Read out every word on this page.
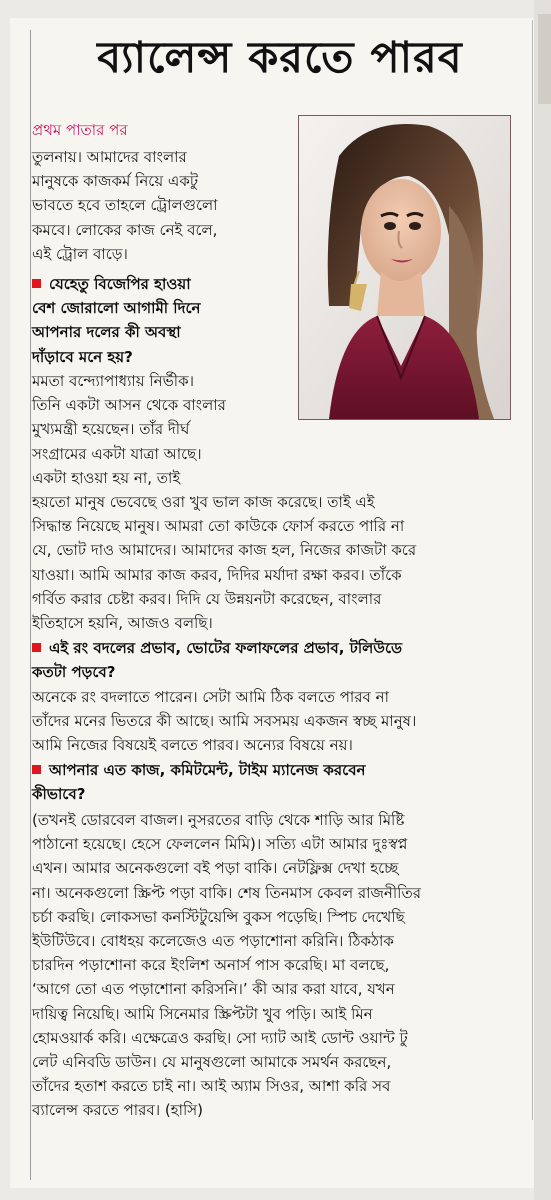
ব্যালেন্স করতে পারব
প্রথম পাতার পর
তুলনায়। আমাদের বাংলার
মানুষকে কাজকর্ম নিয়ে একটু
ভাবতে হবে তাহলে ট্রোলগুলো
কমবে। লোকের কাজ নেই বলে,
এই ট্রোল বাড়ে।
যেহেতু বিজেপির হাওয়া
বেশ জোরালো আগামী দিনে
আপনার দলের কী অবস্থা
দাঁড়াবে মনে হয়?
মমতা বন্দ্যোপাধ্যায় নির্ভীক।
তিনি একটা আসন থেকে বাংলার
মুখ্যমন্ত্রী হয়েছেন। তাঁর দীর্ঘ
সংগ্রামের একটা যাত্রা আছে।
একটা হাওয়া হয় না, তাই
হয়তো মানুষ ভেবেছে ওরা খুব ভাল কাজ করেছে। তাই এই
সিদ্ধান্ত নিয়েছে মানুষ। আমরা তো কাউকে ফোর্স করতে পারি না
যে, ভোট দাও আমাদের। আমাদের কাজ হল, নিজের কাজটা করে
যাওয়া। আমি আমার কাজ করব, দিদির মর্যাদা রক্ষা করব। তাঁকে
গর্বিত করার চেষ্টা করব। দিদি যে উন্নয়নটা করেছেন, বাংলার
ইতিহাসে হয়নি, আজও বলছি।
এই রং বদলের প্রভাব, ভোটের ফলাফলের প্রভাব, টলিউডে
কতটা পড়বে?
অনেকে রং বদলাতে পারেন। সেটা আমি ঠিক বলতে পারব না
তাঁদের মনের ভিতরে কী আছে। আমি সবসময় একজন স্বচ্ছ মানুষ।
আমি নিজের বিষয়েই বলতে পারব। অন্যের বিষয়ে নয়।
আপনার এত কাজ, কমিটমেন্ট, টাইম ম্যানেজ করবেন
কীভাবে?
(তখনই ডোরবেল বাজল। নুসরতের বাড়ি থেকে শাড়ি আর মিষ্টি
পাঠানো হয়েছে। হেসে ফেললেন মিমি)। সত্যি এটা আমার দুঃস্বপ্ন
এখন। আমার অনেকগুলো বই পড়া বাকি। নেটফ্লিক্স দেখা হচ্ছে
না। অনেকগুলো স্ক্রিপ্ট পড়া বাকি। শেষ তিনমাস কেবল রাজনীতির
চর্চা করছি। লোকসভা কনস্টিটুয়েন্সি বুকস পড়েছি। স্পিচ দেখেছি
ইউটিউবে। বোধহয় কলেজেও এত পড়াশোনা করিনি। ঠিকঠাক
চারদিন পড়াশোনা করে ইংলিশ অনার্স পাস করেছি। মা বলছে,
‘আগে তো এত পড়াশোনা করিসনি।’ কী আর করা যাবে, যখন
দায়িত্ব নিয়েছি। আমি সিনেমার স্ক্রিপ্টটা খুব পড়ি। আই মিন
হোমওয়ার্ক করি। এক্ষেত্রেও করছি। সো দ্যাট আই ডোন্ট ওয়ান্ট টু
লেট এনিবডি ডাউন। যে মানুষগুলো আমাকে সমর্থন করছেন,
তাঁদের হতাশ করতে চাই না। আই অ্যাম সিওর, আশা করি সব
ব্যালেন্স করতে পারব। (হাসি)
